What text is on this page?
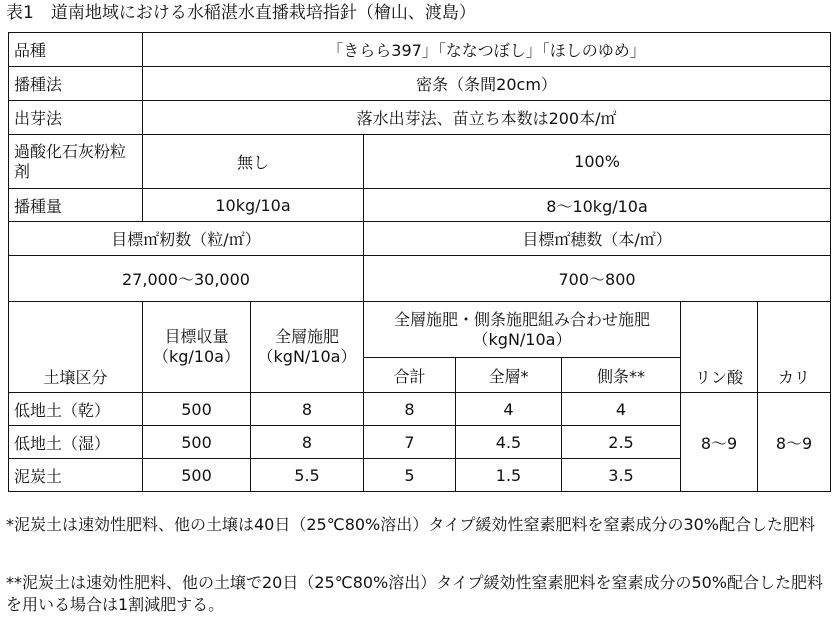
表1　道南地域における水稲湛水直播栽培指針（檜山、渡島）
品種	「きらら397」「ななつぼし」「ほしのゆめ」						
播種法	密条（条間20cm）						
出芽法	落水出芽法、苗立ち本数は200本/㎡						
過酸化石灰粉粒剤	無し		100%				
播種量	10kg/10a		8～10kg/10a				
目標㎡籾数（粒/㎡）			目標㎡穂数（本/㎡）				
27,000～30,000			700～800				
土壌区分	目標収量（kg/10a）	全層施肥（kgN/10a）	全層施肥・側条施肥組み合わせ施肥（kgN/10a）			リン酸	カリ
			合計	全層*	側条**		
低地土（乾）	500	8	8	4	4	8～9	8～9
低地土（湿）	500	8	7	4.5	2.5		
泥炭土	500	5.5	5	1.5	3.5		
*泥炭土は速効性肥料、他の土壌は40日（25℃80%溶出）タイプ緩効性窒素肥料を窒素成分の30%配合した肥料
**泥炭土は速効性肥料、他の土壌で20日（25℃80%溶出）タイプ緩効性窒素肥料を窒素成分の50%配合した肥料を用いる場合は1割減肥する。
